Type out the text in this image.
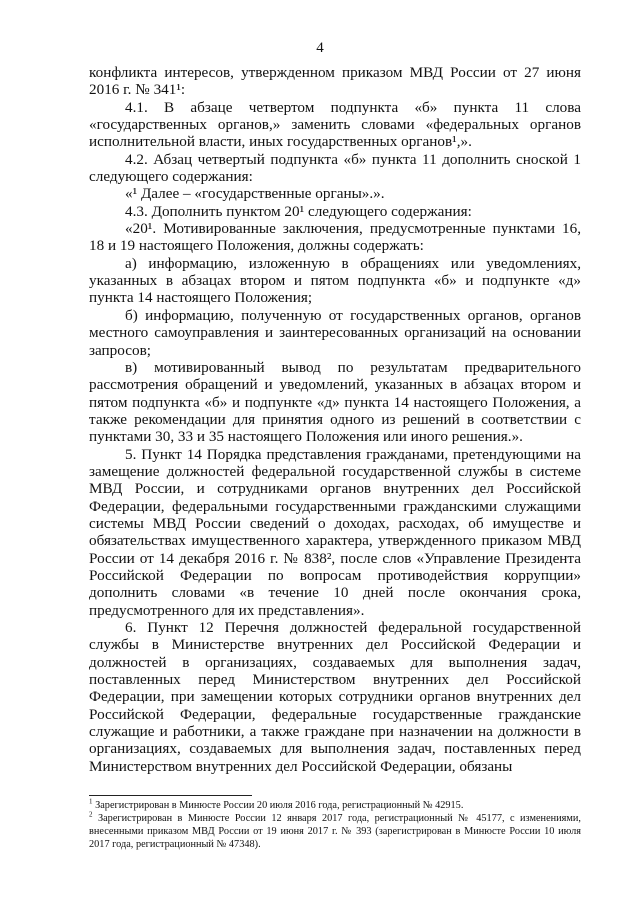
4

конфликта интересов, утвержденном приказом МВД России от 27 июня 2016 г. № 341¹:

4.1. В абзаце четвертом подпункта «б» пункта 11 слова «государственных органов,» заменить словами «федеральных органов исполнительной власти, иных государственных органов¹,».

4.2. Абзац четвертый подпункта «б» пункта 11 дополнить сноской 1 следующего содержания:

«¹ Далее – «государственные органы».».

4.3. Дополнить пунктом 20¹ следующего содержания:

«20¹. Мотивированные заключения, предусмотренные пунктами 16, 18 и 19 настоящего Положения, должны содержать:

а) информацию, изложенную в обращениях или уведомлениях, указанных в абзацах втором и пятом подпункта «б» и подпункте «д» пункта 14 настоящего Положения;

б) информацию, полученную от государственных органов, органов местного самоуправления и заинтересованных организаций на основании запросов;

в) мотивированный вывод по результатам предварительного рассмотрения обращений и уведомлений, указанных в абзацах втором и пятом подпункта «б» и подпункте «д» пункта 14 настоящего Положения, а также рекомендации для принятия одного из решений в соответствии с пунктами 30, 33 и 35 настоящего Положения или иного решения.».

5. Пункт 14 Порядка представления гражданами, претендующими на замещение должностей федеральной государственной службы в системе МВД России, и сотрудниками органов внутренних дел Российской Федерации, федеральными государственными гражданскими служащими системы МВД России сведений о доходах, расходах, об имуществе и обязательствах имущественного характера, утвержденного приказом МВД России от 14 декабря 2016 г. № 838², после слов «Управление Президента Российской Федерации по вопросам противодействия коррупции» дополнить словами «в течение 10 дней после окончания срока, предусмотренного для их представления».

6. Пункт 12 Перечня должностей федеральной государственной службы в Министерстве внутренних дел Российской Федерации и должностей в организациях, создаваемых для выполнения задач, поставленных перед Министерством внутренних дел Российской Федерации, при замещении которых сотрудники органов внутренних дел Российской Федерации, федеральные государственные гражданские служащие и работники, а также граждане при назначении на должности в организациях, создаваемых для выполнения задач, поставленных перед Министерством внутренних дел Российской Федерации, обязаны

$^1$ Зарегистрирован в Минюсте России 20 июля 2016 года, регистрационный № 42915.

$^2$ Зарегистрирован в Минюсте России 12 января 2017 года, регистрационный № 45177, с изменениями, внесенными приказом МВД России от 19 июня 2017 г. № 393 (зарегистрирован в Минюсте России 10 июля 2017 года, регистрационный № 47348).
